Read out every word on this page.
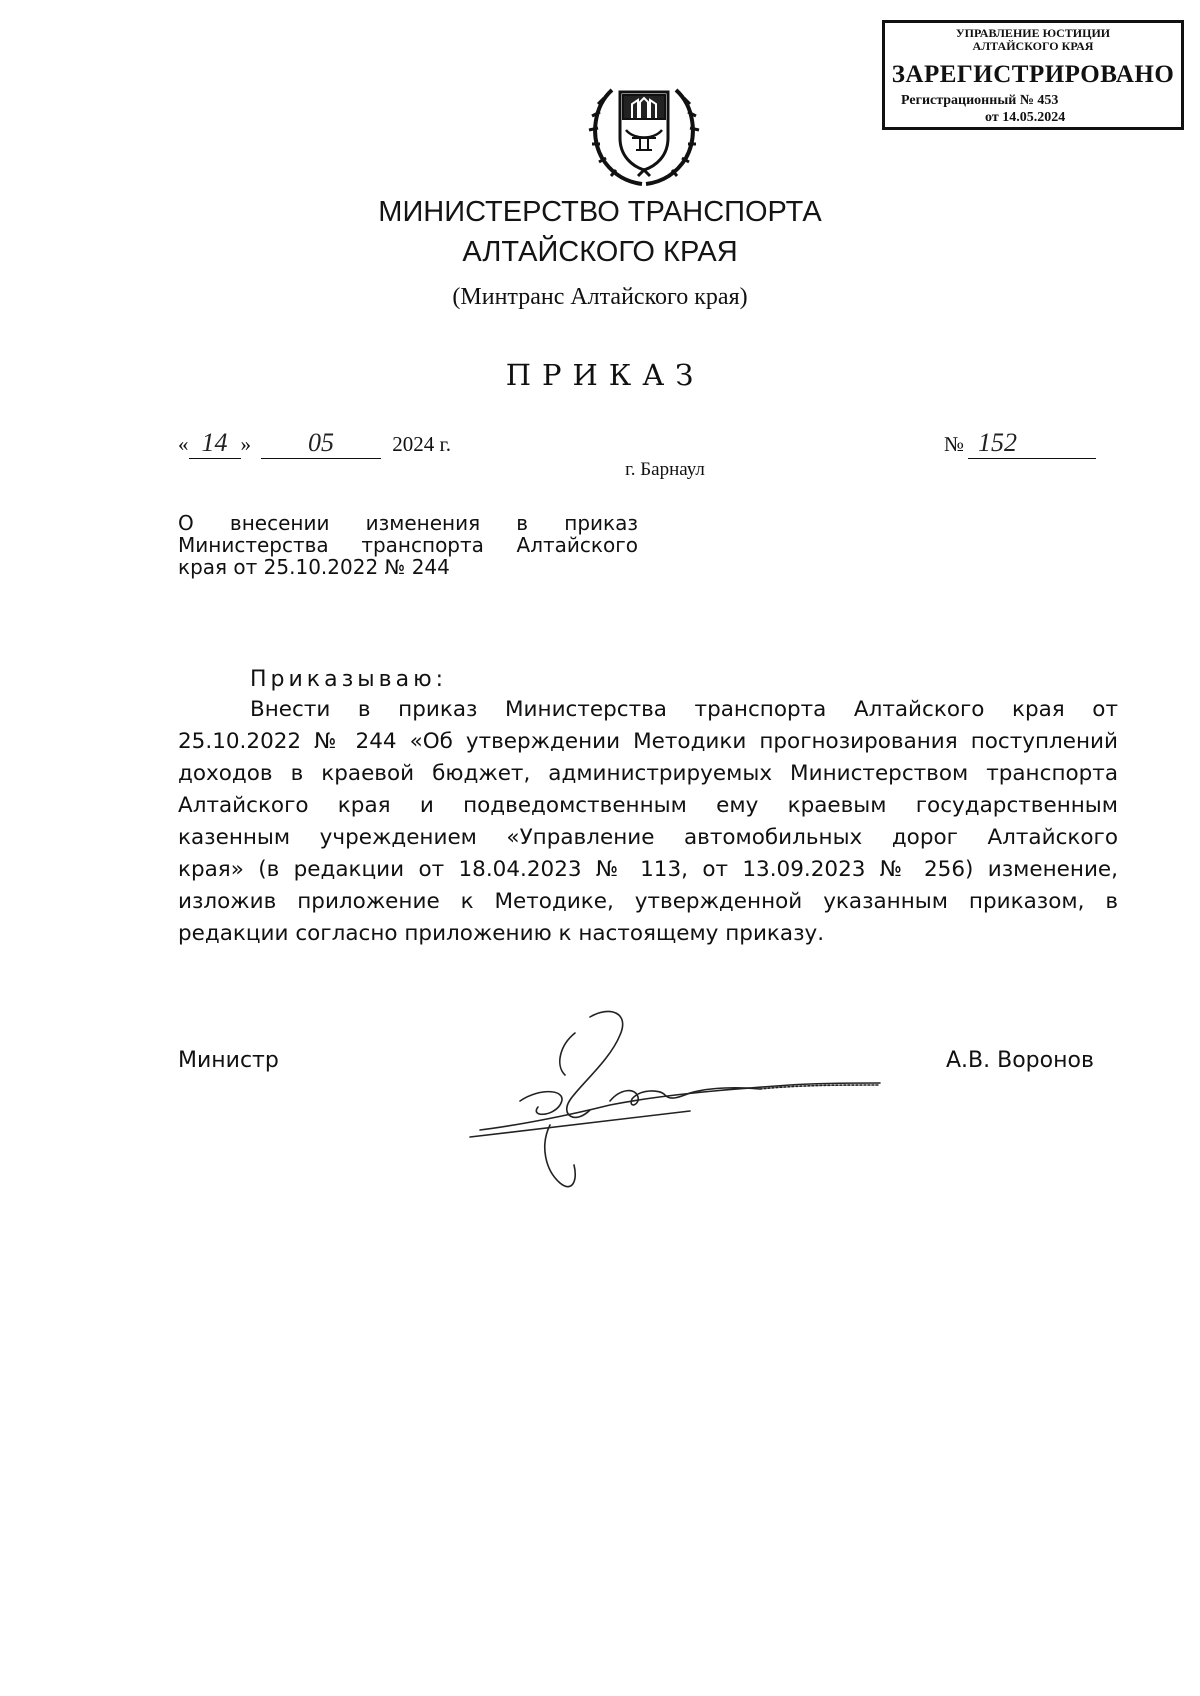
УПРАВЛЕНИЕ ЮСТИЦИИ
АЛТАЙСКОГО КРАЯ
ЗАРЕГИСТРИРОВАНО
Регистрационный № 453
от 14.05.2024
МИНИСТЕРСТВО ТРАНСПОРТА
АЛТАЙСКОГО КРАЯ
(Минтранс Алтайского края)
ПРИКАЗ
« 14 » 05	2024 г.	№ 152
г. Барнаул
О внесении изменения в приказ
Министерства транспорта Алтайского
края от 25.10.2022 № 244
Приказываю:
Внести в приказ Министерства транспорта Алтайского края от
25.10.2022 № 244 «Об утверждении Методики прогнозирования поступлений
доходов в краевой бюджет, администрируемых Министерством транспорта
Алтайского края и подведомственным ему краевым государственным
казенным учреждением «Управление автомобильных дорог Алтайского
края» (в редакции от 18.04.2023 № 113, от 13.09.2023 № 256) изменение,
изложив приложение к Методике, утвержденной указанным приказом, в
редакции согласно приложению к настоящему приказу.
Министр	А.В. Воронов
